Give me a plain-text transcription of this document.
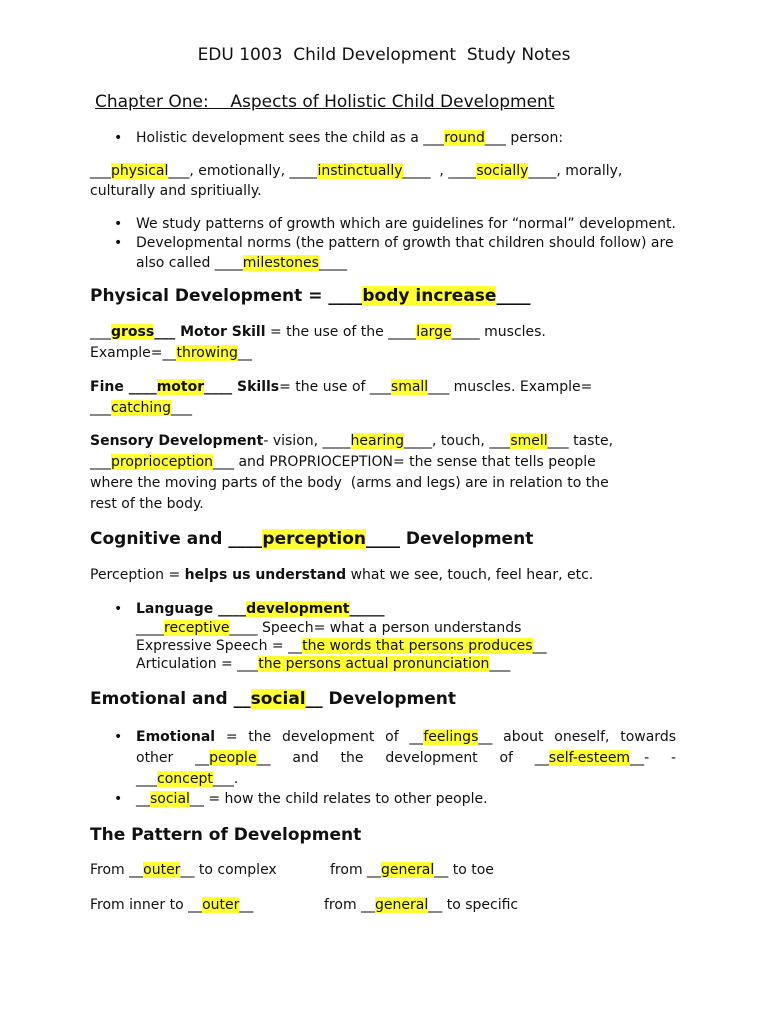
EDU 1003  Child Development  Study Notes
Chapter One:    Aspects of Holistic Child Development
• Holistic development sees the child as a ___round___ person:
___physical___, emotionally, ____instinctually____  , ____socially____, morally,
culturally and spritiually.
• We study patterns of growth which are guidelines for “normal” development.
• Developmental norms (the pattern of growth that children should follow) are
also called ____milestones____
Physical Development = ____body increase____
___gross___ Motor Skill = the use of the ____large____ muscles.
Example=__throwing__
Fine ____motor____ Skills= the use of ___small___ muscles. Example=
___catching___
Sensory Development- vision, ____hearing____, touch, ___smell___ taste,
___proprioception___ and PROPRIOCEPTION= the sense that tells people
where the moving parts of the body  (arms and legs) are in relation to the
rest of the body.
Cognitive and ____perception____ Development
Perception = helps us understand what we see, touch, feel hear, etc.
• Language ____development_____
____receptive____ Speech= what a person understands
Expressive Speech = __the words that persons produces__
Articulation = ___the persons actual pronunciation___
Emotional and __social__ Development
• Emotional = the development of __feelings__ about oneself, towards
other __people__ and the development of __self-esteem__- -
___concept___.
• __social__ = how the child relates to other people.
The Pattern of Development
From __outer__ to complex	from __general__ to toe
From inner to __outer__	from __general__ to specific
